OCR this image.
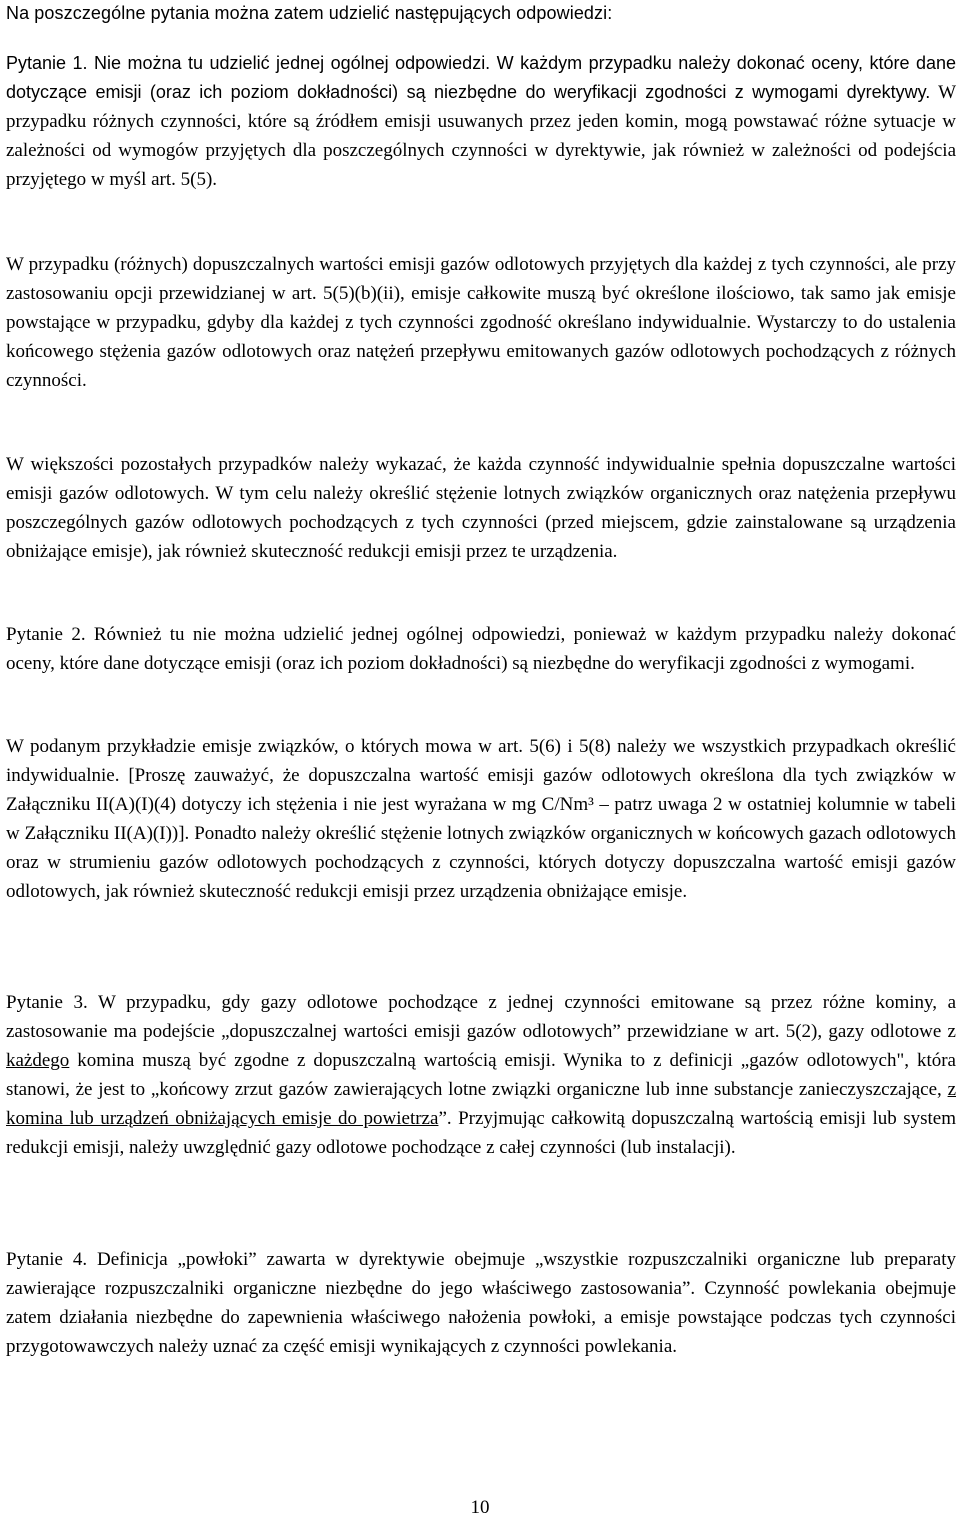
Na poszczególne pytania można zatem udzielić następujących odpowiedzi:

Pytanie 1. Nie można tu udzielić jednej ogólnej odpowiedzi. W każdym przypadku należy dokonać oceny, które dane dotyczące emisji (oraz ich poziom dokładności) są niezbędne do weryfikacji zgodności z wymogami dyrektywy. W przypadku różnych czynności, które są źródłem emisji usuwanych przez jeden komin, mogą powstawać różne sytuacje w zależności od wymogów przyjętych dla poszczególnych czynności w dyrektywie, jak również w zależności od podejścia przyjętego w myśl art. 5(5).

W przypadku (różnych) dopuszczalnych wartości emisji gazów odlotowych przyjętych dla każdej z tych czynności, ale przy zastosowaniu opcji przewidzianej w art. 5(5)(b)(ii), emisje całkowite muszą być określone ilościowo, tak samo jak emisje powstające w przypadku, gdyby dla każdej z tych czynności zgodność określano indywidualnie. Wystarczy to do ustalenia końcowego stężenia gazów odlotowych oraz natężeń przepływu emitowanych gazów odlotowych pochodzących z różnych czynności.

W większości pozostałych przypadków należy wykazać, że każda czynność indywidualnie spełnia dopuszczalne wartości emisji gazów odlotowych. W tym celu należy określić stężenie lotnych związków organicznych oraz natężenia przepływu poszczególnych gazów odlotowych pochodzących z tych czynności (przed miejscem, gdzie zainstalowane są urządzenia obniżające emisje), jak również skuteczność redukcji emisji przez te urządzenia.

Pytanie 2. Również tu nie można udzielić jednej ogólnej odpowiedzi, ponieważ w każdym przypadku należy dokonać oceny, które dane dotyczące emisji (oraz ich poziom dokładności) są niezbędne do weryfikacji zgodności z wymogami.

W podanym przykładzie emisje związków, o których mowa w art. 5(6) i 5(8) należy we wszystkich przypadkach określić indywidualnie. [Proszę zauważyć, że dopuszczalna wartość emisji gazów odlotowych określona dla tych związków w Załączniku II(A)(I)(4) dotyczy ich stężenia i nie jest wyrażana w mg C/Nm³ – patrz uwaga 2 w ostatniej kolumnie w tabeli w Załączniku II(A)(I))]. Ponadto należy określić stężenie lotnych związków organicznych w końcowych gazach odlotowych oraz w strumieniu gazów odlotowych pochodzących z czynności, których dotyczy dopuszczalna wartość emisji gazów odlotowych, jak również skuteczność redukcji emisji przez urządzenia obniżające emisje.

Pytanie 3. W przypadku, gdy gazy odlotowe pochodzące z jednej czynności emitowane są przez różne kominy, a zastosowanie ma podejście „dopuszczalnej wartości emisji gazów odlotowych” przewidziane w art. 5(2), gazy odlotowe z każdego komina muszą być zgodne z dopuszczalną wartością emisji. Wynika to z definicji „gazów odlotowych", która stanowi, że jest to „końcowy zrzut gazów zawierających lotne związki organiczne lub inne substancje zanieczyszczające, z komina lub urządzeń obniżających emisje do powietrza”. Przyjmując całkowitą dopuszczalną wartością emisji lub system redukcji emisji, należy uwzględnić gazy odlotowe pochodzące z całej czynności (lub instalacji).

Pytanie 4. Definicja „powłoki” zawarta w dyrektywie obejmuje „wszystkie rozpuszczalniki organiczne lub preparaty zawierające rozpuszczalniki organiczne niezbędne do jego właściwego zastosowania”. Czynność powlekania obejmuje zatem działania niezbędne do zapewnienia właściwego nałożenia powłoki, a emisje powstające podczas tych czynności przygotowawczych należy uznać za część emisji wynikających z czynności powlekania.

10
